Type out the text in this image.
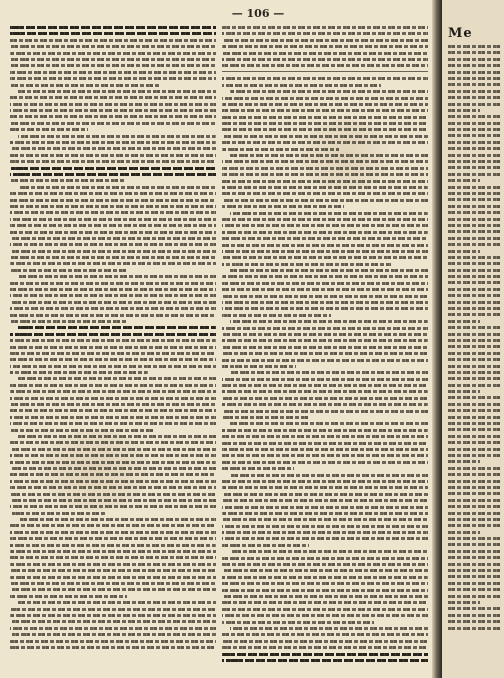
— 106 —
Me
